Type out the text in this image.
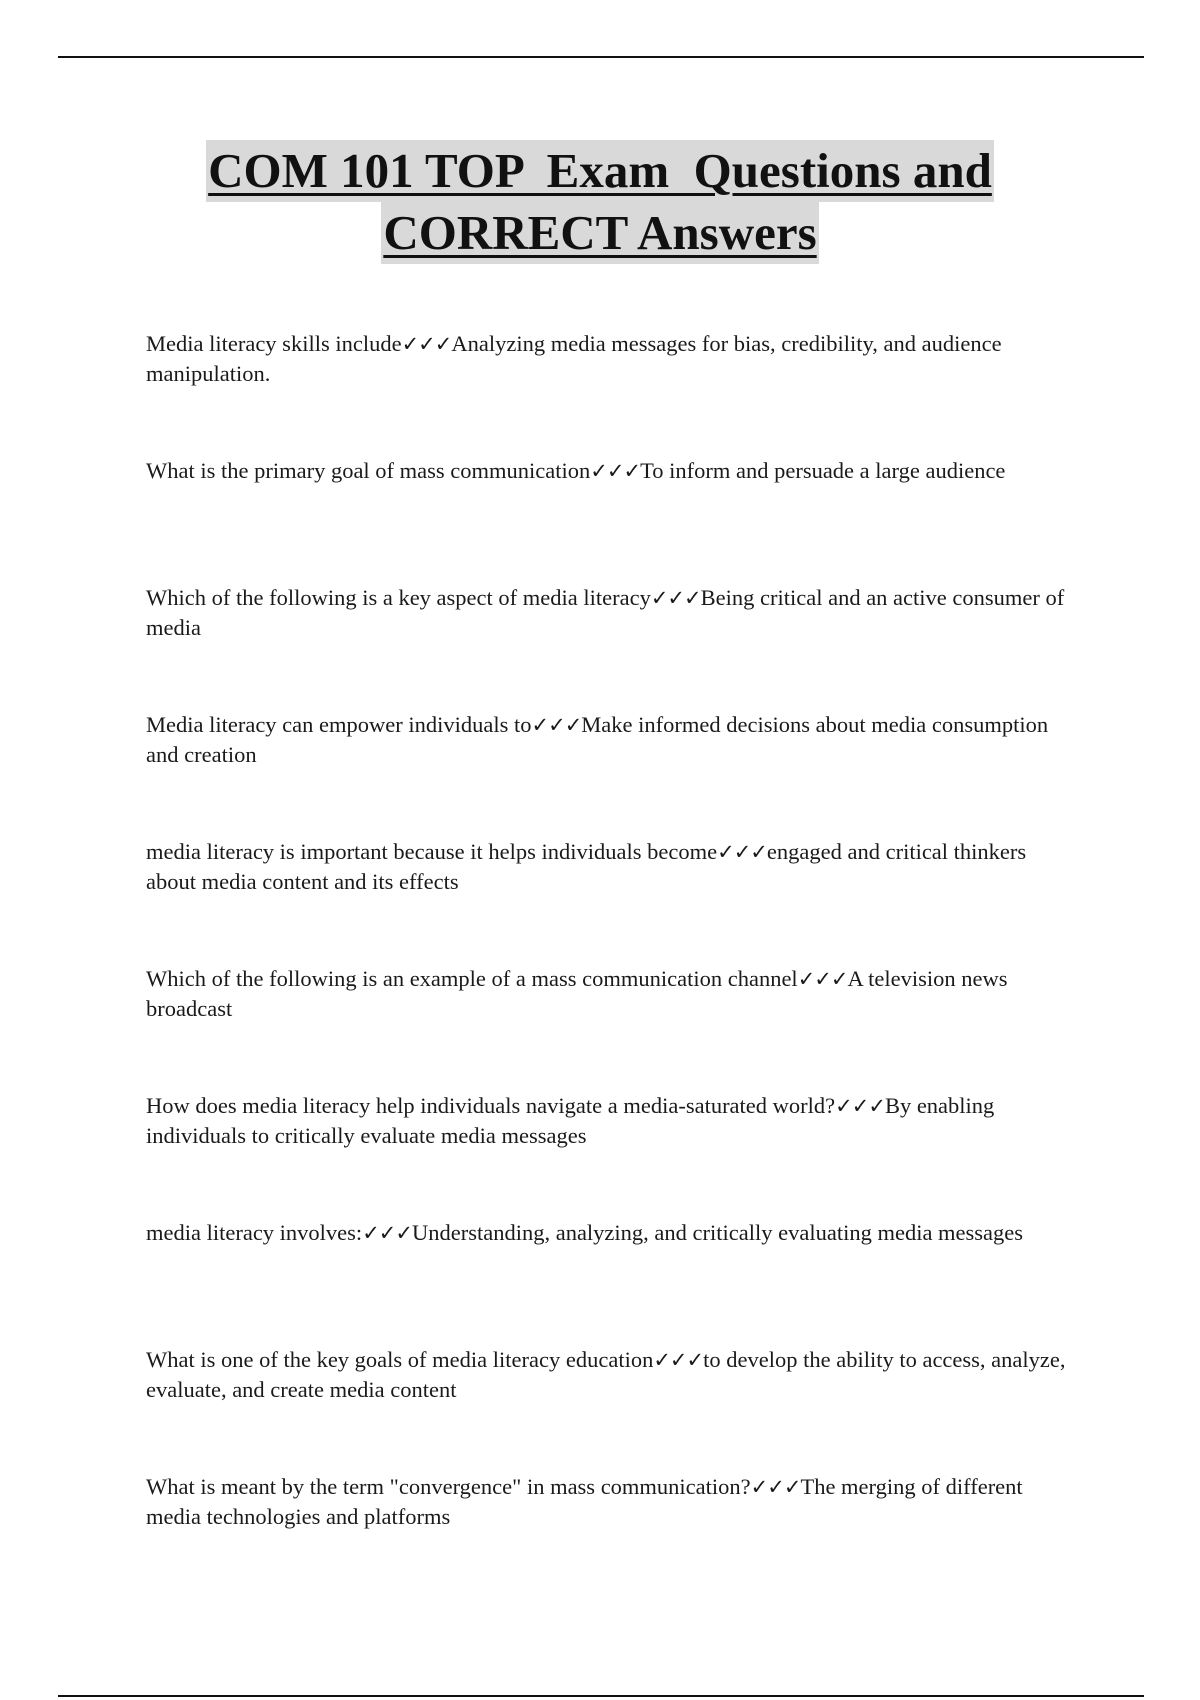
COM 101 TOP  Exam  Questions and
CORRECT Answers
Media literacy skills include✓✓✓Analyzing media messages for bias, credibility, and audience manipulation.
What is the primary goal of mass communication✓✓✓To inform and persuade a large audience
Which of the following is a key aspect of media literacy✓✓✓Being critical and an active consumer of media
Media literacy can empower individuals to✓✓✓Make informed decisions about media consumption and creation
media literacy is important because it helps individuals become✓✓✓engaged and critical thinkers about media content and its effects
Which of the following is an example of a mass communication channel✓✓✓A television news broadcast
How does media literacy help individuals navigate a media-saturated world?✓✓✓By enabling individuals to critically evaluate media messages
media literacy involves:✓✓✓Understanding, analyzing, and critically evaluating media messages
What is one of the key goals of media literacy education✓✓✓to develop the ability to access, analyze, evaluate, and create media content
What is meant by the term "convergence" in mass communication?✓✓✓The merging of different media technologies and platforms
